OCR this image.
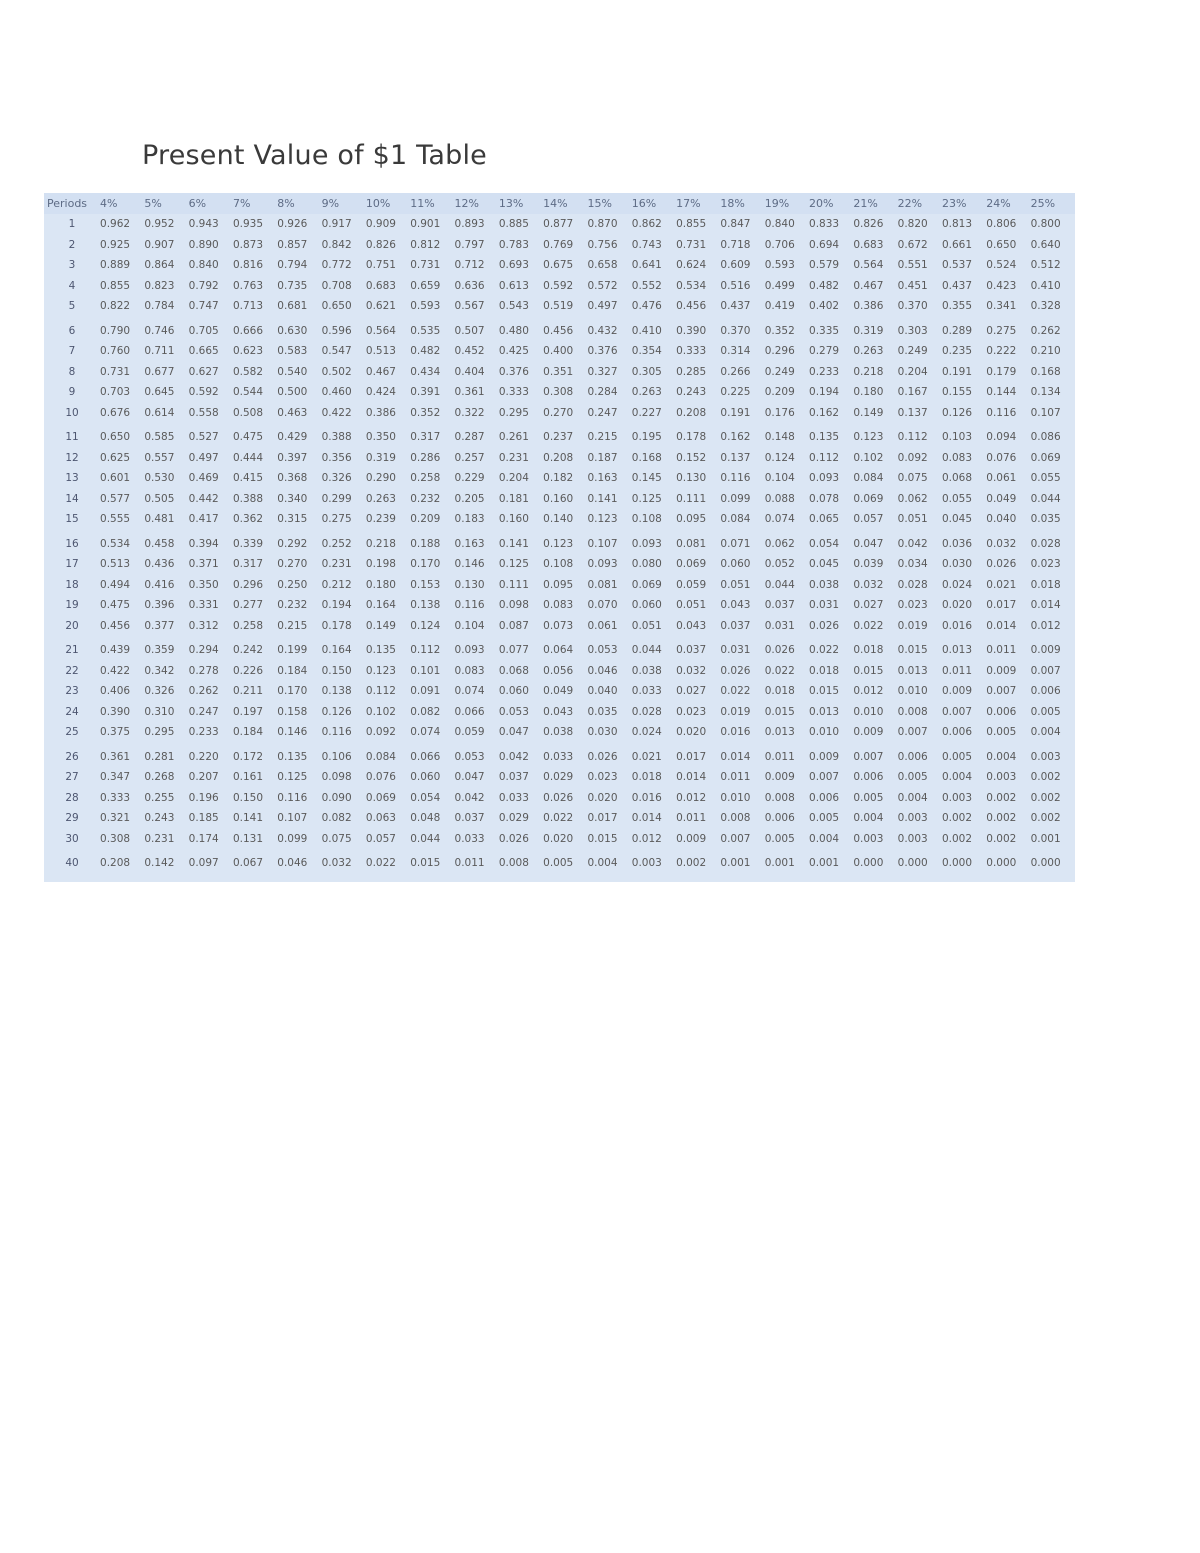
Present Value of $1 Table
Periods	4%	5%	6%	7%	8%	9%	10%	11%	12%	13%	14%	15%	16%	17%	18%	19%	20%	21%	22%	23%	24%	25%
1	0.962	0.952	0.943	0.935	0.926	0.917	0.909	0.901	0.893	0.885	0.877	0.870	0.862	0.855	0.847	0.840	0.833	0.826	0.820	0.813	0.806	0.800
2	0.925	0.907	0.890	0.873	0.857	0.842	0.826	0.812	0.797	0.783	0.769	0.756	0.743	0.731	0.718	0.706	0.694	0.683	0.672	0.661	0.650	0.640
3	0.889	0.864	0.840	0.816	0.794	0.772	0.751	0.731	0.712	0.693	0.675	0.658	0.641	0.624	0.609	0.593	0.579	0.564	0.551	0.537	0.524	0.512
4	0.855	0.823	0.792	0.763	0.735	0.708	0.683	0.659	0.636	0.613	0.592	0.572	0.552	0.534	0.516	0.499	0.482	0.467	0.451	0.437	0.423	0.410
5	0.822	0.784	0.747	0.713	0.681	0.650	0.621	0.593	0.567	0.543	0.519	0.497	0.476	0.456	0.437	0.419	0.402	0.386	0.370	0.355	0.341	0.328
6	0.790	0.746	0.705	0.666	0.630	0.596	0.564	0.535	0.507	0.480	0.456	0.432	0.410	0.390	0.370	0.352	0.335	0.319	0.303	0.289	0.275	0.262
7	0.760	0.711	0.665	0.623	0.583	0.547	0.513	0.482	0.452	0.425	0.400	0.376	0.354	0.333	0.314	0.296	0.279	0.263	0.249	0.235	0.222	0.210
8	0.731	0.677	0.627	0.582	0.540	0.502	0.467	0.434	0.404	0.376	0.351	0.327	0.305	0.285	0.266	0.249	0.233	0.218	0.204	0.191	0.179	0.168
9	0.703	0.645	0.592	0.544	0.500	0.460	0.424	0.391	0.361	0.333	0.308	0.284	0.263	0.243	0.225	0.209	0.194	0.180	0.167	0.155	0.144	0.134
10	0.676	0.614	0.558	0.508	0.463	0.422	0.386	0.352	0.322	0.295	0.270	0.247	0.227	0.208	0.191	0.176	0.162	0.149	0.137	0.126	0.116	0.107
11	0.650	0.585	0.527	0.475	0.429	0.388	0.350	0.317	0.287	0.261	0.237	0.215	0.195	0.178	0.162	0.148	0.135	0.123	0.112	0.103	0.094	0.086
12	0.625	0.557	0.497	0.444	0.397	0.356	0.319	0.286	0.257	0.231	0.208	0.187	0.168	0.152	0.137	0.124	0.112	0.102	0.092	0.083	0.076	0.069
13	0.601	0.530	0.469	0.415	0.368	0.326	0.290	0.258	0.229	0.204	0.182	0.163	0.145	0.130	0.116	0.104	0.093	0.084	0.075	0.068	0.061	0.055
14	0.577	0.505	0.442	0.388	0.340	0.299	0.263	0.232	0.205	0.181	0.160	0.141	0.125	0.111	0.099	0.088	0.078	0.069	0.062	0.055	0.049	0.044
15	0.555	0.481	0.417	0.362	0.315	0.275	0.239	0.209	0.183	0.160	0.140	0.123	0.108	0.095	0.084	0.074	0.065	0.057	0.051	0.045	0.040	0.035
16	0.534	0.458	0.394	0.339	0.292	0.252	0.218	0.188	0.163	0.141	0.123	0.107	0.093	0.081	0.071	0.062	0.054	0.047	0.042	0.036	0.032	0.028
17	0.513	0.436	0.371	0.317	0.270	0.231	0.198	0.170	0.146	0.125	0.108	0.093	0.080	0.069	0.060	0.052	0.045	0.039	0.034	0.030	0.026	0.023
18	0.494	0.416	0.350	0.296	0.250	0.212	0.180	0.153	0.130	0.111	0.095	0.081	0.069	0.059	0.051	0.044	0.038	0.032	0.028	0.024	0.021	0.018
19	0.475	0.396	0.331	0.277	0.232	0.194	0.164	0.138	0.116	0.098	0.083	0.070	0.060	0.051	0.043	0.037	0.031	0.027	0.023	0.020	0.017	0.014
20	0.456	0.377	0.312	0.258	0.215	0.178	0.149	0.124	0.104	0.087	0.073	0.061	0.051	0.043	0.037	0.031	0.026	0.022	0.019	0.016	0.014	0.012
21	0.439	0.359	0.294	0.242	0.199	0.164	0.135	0.112	0.093	0.077	0.064	0.053	0.044	0.037	0.031	0.026	0.022	0.018	0.015	0.013	0.011	0.009
22	0.422	0.342	0.278	0.226	0.184	0.150	0.123	0.101	0.083	0.068	0.056	0.046	0.038	0.032	0.026	0.022	0.018	0.015	0.013	0.011	0.009	0.007
23	0.406	0.326	0.262	0.211	0.170	0.138	0.112	0.091	0.074	0.060	0.049	0.040	0.033	0.027	0.022	0.018	0.015	0.012	0.010	0.009	0.007	0.006
24	0.390	0.310	0.247	0.197	0.158	0.126	0.102	0.082	0.066	0.053	0.043	0.035	0.028	0.023	0.019	0.015	0.013	0.010	0.008	0.007	0.006	0.005
25	0.375	0.295	0.233	0.184	0.146	0.116	0.092	0.074	0.059	0.047	0.038	0.030	0.024	0.020	0.016	0.013	0.010	0.009	0.007	0.006	0.005	0.004
26	0.361	0.281	0.220	0.172	0.135	0.106	0.084	0.066	0.053	0.042	0.033	0.026	0.021	0.017	0.014	0.011	0.009	0.007	0.006	0.005	0.004	0.003
27	0.347	0.268	0.207	0.161	0.125	0.098	0.076	0.060	0.047	0.037	0.029	0.023	0.018	0.014	0.011	0.009	0.007	0.006	0.005	0.004	0.003	0.002
28	0.333	0.255	0.196	0.150	0.116	0.090	0.069	0.054	0.042	0.033	0.026	0.020	0.016	0.012	0.010	0.008	0.006	0.005	0.004	0.003	0.002	0.002
29	0.321	0.243	0.185	0.141	0.107	0.082	0.063	0.048	0.037	0.029	0.022	0.017	0.014	0.011	0.008	0.006	0.005	0.004	0.003	0.002	0.002	0.002
30	0.308	0.231	0.174	0.131	0.099	0.075	0.057	0.044	0.033	0.026	0.020	0.015	0.012	0.009	0.007	0.005	0.004	0.003	0.003	0.002	0.002	0.001
40	0.208	0.142	0.097	0.067	0.046	0.032	0.022	0.015	0.011	0.008	0.005	0.004	0.003	0.002	0.001	0.001	0.001	0.000	0.000	0.000	0.000	0.000
